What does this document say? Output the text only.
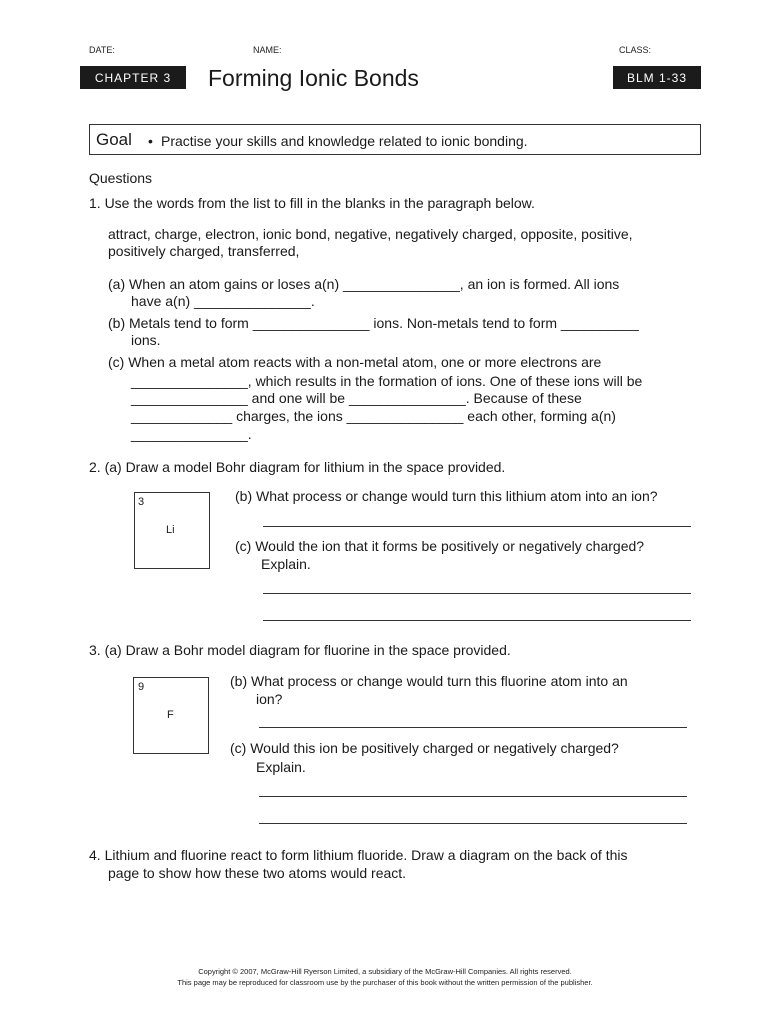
DATE:	NAME:	CLASS:
CHAPTER 3	Forming Ionic Bonds	BLM 1-33
Goal • Practise your skills and knowledge related to ionic bonding.
Questions
1. Use the words from the list to fill in the blanks in the paragraph below.
attract, charge, electron, ionic bond, negative, negatively charged, opposite, positive,
positively charged, transferred,
(a) When an atom gains or loses a(n) _______________, an ion is formed. All ions
have a(n) _______________.
(b) Metals tend to form _______________ ions. Non-metals tend to form __________
ions.
(c) When a metal atom reacts with a non-metal atom, one or more electrons are
_______________, which results in the formation of ions. One of these ions will be
_______________ and one will be _______________. Because of these
_____________ charges, the ions _______________ each other, forming a(n)
_______________.
2. (a) Draw a model Bohr diagram for lithium in the space provided.
3
Li
(b) What process or change would turn this lithium atom into an ion?
(c) Would the ion that it forms be positively or negatively charged?
Explain.
3. (a) Draw a Bohr model diagram for fluorine in the space provided.
9
F
(b) What process or change would turn this fluorine atom into an
ion?
(c) Would this ion be positively charged or negatively charged?
Explain.
4. Lithium and fluorine react to form lithium fluoride. Draw a diagram on the back of this
page to show how these two atoms would react.
Copyright © 2007, McGraw-Hill Ryerson Limited, a subsidiary of the McGraw-Hill Companies. All rights reserved.
This page may be reproduced for classroom use by the purchaser of this book without the written permission of the publisher.
